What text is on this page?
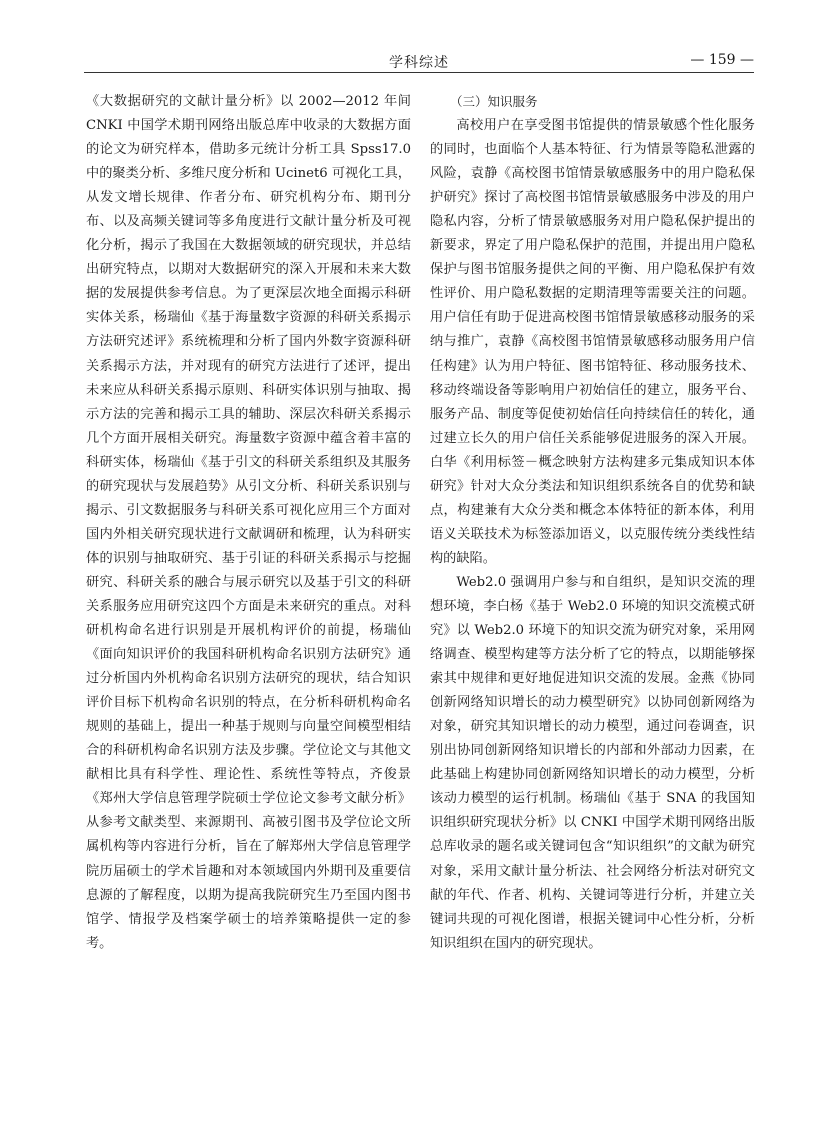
学科综述	— 159 —

《大数据研究的文献计量分析》以 2002—2012 年间 CNKI 中国学术期刊网络出版总库中收录的大数据方面的论文为研究样本，借助多元统计分析工具 Spss17.0 中的聚类分析、多维尺度分析和 Ucinet6 可视化工具，从发文增长规律、作者分布、研究机构分布、期刊分布、以及高频关键词等多角度进行文献计量分析及可视化分析，揭示了我国在大数据领域的研究现状，并总结出研究特点，以期对大数据研究的深入开展和未来大数据的发展提供参考信息。为了更深层次地全面揭示科研实体关系，杨瑞仙《基于海量数字资源的科研关系揭示方法研究述评》系统梳理和分析了国内外数字资源科研关系揭示方法，并对现有的研究方法进行了述评，提出未来应从科研关系揭示原则、科研实体识别与抽取、揭示方法的完善和揭示工具的辅助、深层次科研关系揭示几个方面开展相关研究。海量数字资源中蕴含着丰富的科研实体，杨瑞仙《基于引文的科研关系组织及其服务的研究现状与发展趋势》从引文分析、科研关系识别与揭示、引文数据服务与科研关系可视化应用三个方面对国内外相关研究现状进行文献调研和梳理，认为科研实体的识别与抽取研究、基于引证的科研关系揭示与挖掘研究、科研关系的融合与展示研究以及基于引文的科研关系服务应用研究这四个方面是未来研究的重点。对科研机构命名进行识别是开展机构评价的前提，杨瑞仙《面向知识评价的我国科研机构命名识别方法研究》通过分析国内外机构命名识别方法研究的现状，结合知识评价目标下机构命名识别的特点，在分析科研机构命名规则的基础上，提出一种基于规则与向量空间模型相结合的科研机构命名识别方法及步骤。学位论文与其他文献相比具有科学性、理论性、系统性等特点，齐俊景《郑州大学信息管理学院硕士学位论文参考文献分析》从参考文献类型、来源期刊、高被引图书及学位论文所属机构等内容进行分析，旨在了解郑州大学信息管理学院历届硕士的学术旨趣和对本领域国内外期刊及重要信息源的了解程度，以期为提高我院研究生乃至国内图书馆学、情报学及档案学硕士的培养策略提供一定的参考。

（三）知识服务

高校用户在享受图书馆提供的情景敏感个性化服务的同时，也面临个人基本特征、行为情景等隐私泄露的风险，袁静《高校图书馆情景敏感服务中的用户隐私保护研究》探讨了高校图书馆情景敏感服务中涉及的用户隐私内容，分析了情景敏感服务对用户隐私保护提出的新要求，界定了用户隐私保护的范围，并提出用户隐私保护与图书馆服务提供之间的平衡、用户隐私保护有效性评价、用户隐私数据的定期清理等需要关注的问题。用户信任有助于促进高校图书馆情景敏感移动服务的采纳与推广，袁静《高校图书馆情景敏感移动服务用户信任构建》认为用户特征、图书馆特征、移动服务技术、移动终端设备等影响用户初始信任的建立，服务平台、服务产品、制度等促使初始信任向持续信任的转化，通过建立长久的用户信任关系能够促进服务的深入开展。白华《利用标签－概念映射方法构建多元集成知识本体研究》针对大众分类法和知识组织系统各自的优势和缺点，构建兼有大众分类和概念本体特征的新本体，利用语义关联技术为标签添加语义，以克服传统分类线性结构的缺陷。

Web2.0 强调用户参与和自组织，是知识交流的理想环境，李白杨《基于 Web2.0 环境的知识交流模式研究》以 Web2.0 环境下的知识交流为研究对象，采用网络调查、模型构建等方法分析了它的特点，以期能够探索其中规律和更好地促进知识交流的发展。金燕《协同创新网络知识增长的动力模型研究》以协同创新网络为对象，研究其知识增长的动力模型，通过问卷调查，识别出协同创新网络知识增长的内部和外部动力因素，在此基础上构建协同创新网络知识增长的动力模型，分析该动力模型的运行机制。杨瑞仙《基于 SNA 的我国知识组织研究现状分析》以 CNKI 中国学术期刊网络出版总库收录的题名或关键词包含“知识组织”的文献为研究对象，采用文献计量分析法、社会网络分析法对研究文献的年代、作者、机构、关键词等进行分析，并建立关键词共现的可视化图谱，根据关键词中心性分析，分析知识组织在国内的研究现状。
